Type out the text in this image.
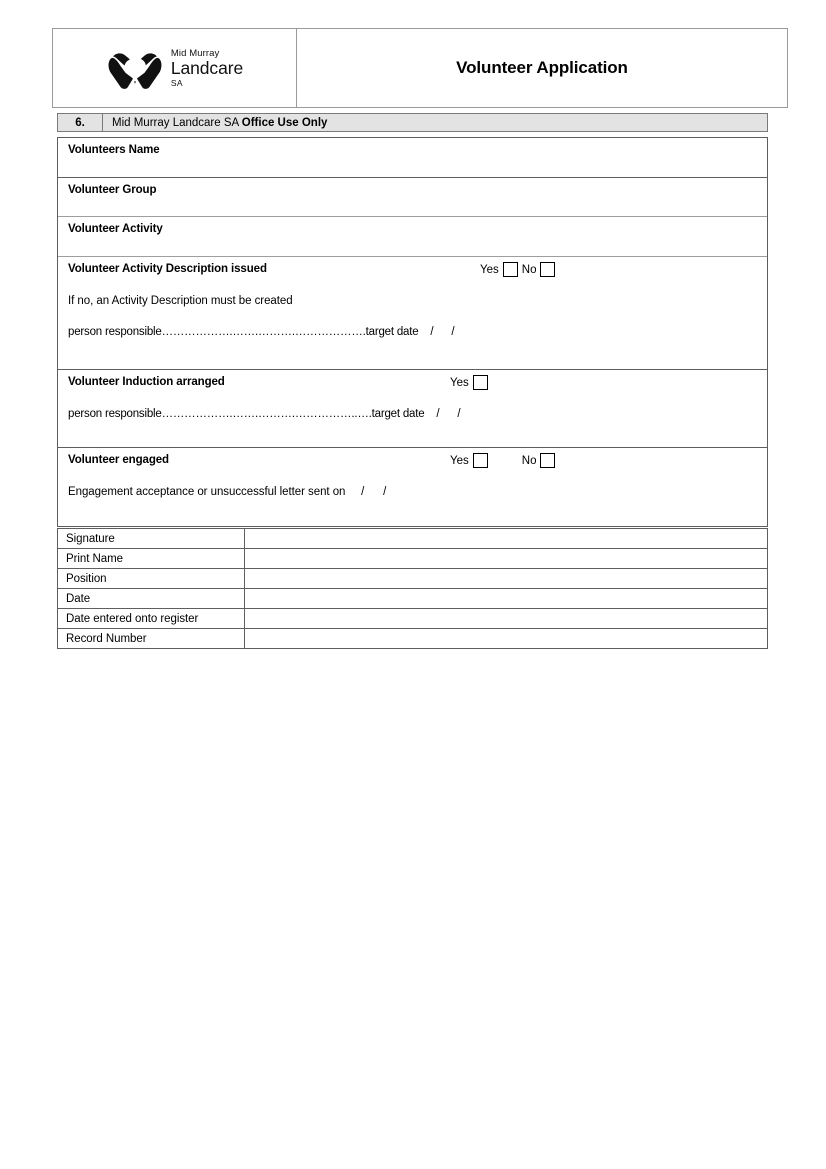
Mid Murray
Landcare
SA
Volunteer Application
6.	Mid Murray Landcare SA Office Use Only
Volunteers Name
Volunteer Group
Volunteer Activity
Volunteer Activity Description issued	Yes No
If no, an Activity Description must be created
person responsible……………….…….……….……………….target date    /      /
Volunteer Induction arranged	Yes
person responsible……………….…….……….……………..….target date    /      /
Volunteer engaged	Yes	No
Engagement acceptance or unsuccessful letter sent on     /      /
Signature	
Print Name	
Position	
Date	
Date entered onto register	
Record Number	
